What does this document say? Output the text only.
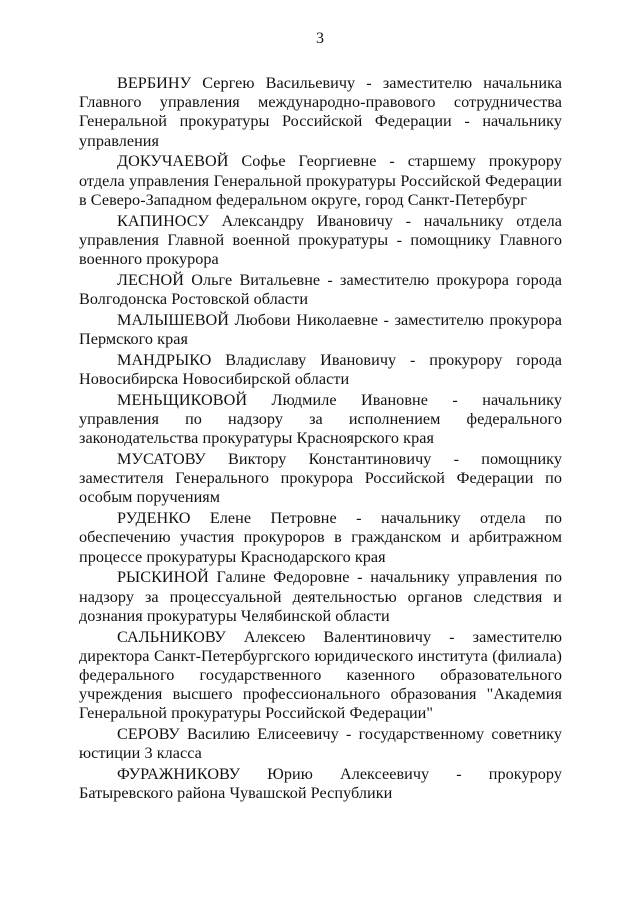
3

ВЕРБИНУ Сергею Васильевичу - заместителю начальника Главного управления международно-правового сотрудничества Генеральной прокуратуры Российской Федерации - начальнику управления

ДОКУЧАЕВОЙ Софье Георгиевне - старшему прокурору отдела управления Генеральной прокуратуры Российской Федерации в Северо-Западном федеральном округе, город Санкт-Петербург

КАПИНОСУ Александру Ивановичу - начальнику отдела управления Главной военной прокуратуры - помощнику Главного военного прокурора

ЛЕСНОЙ Ольге Витальевне - заместителю прокурора города Волгодонска Ростовской области

МАЛЫШЕВОЙ Любови Николаевне - заместителю прокурора Пермского края

МАНДРЫКО Владиславу Ивановичу - прокурору города Новосибирска Новосибирской области

МЕНЬЩИКОВОЙ Людмиле Ивановне - начальнику управления по надзору за исполнением федерального законодательства прокуратуры Красноярского края

МУСАТОВУ Виктору Константиновичу - помощнику заместителя Генерального прокурора Российской Федерации по особым поручениям

РУДЕНКО Елене Петровне - начальнику отдела по обеспечению участия прокуроров в гражданском и арбитражном процессе прокуратуры Краснодарского края

РЫСКИНОЙ Галине Федоровне - начальнику управления по надзору за процессуальной деятельностью органов следствия и дознания прокуратуры Челябинской области

САЛЬНИКОВУ Алексею Валентиновичу - заместителю директора Санкт-Петербургского юридического института (филиала) федерального государственного казенного образовательного учреждения высшего профессионального образования "Академия Генеральной прокуратуры Российской Федерации"

СЕРОВУ Василию Елисеевичу - государственному советнику юстиции 3 класса

ФУРАЖНИКОВУ Юрию Алексеевичу - прокурору Батыревского района Чувашской Республики
